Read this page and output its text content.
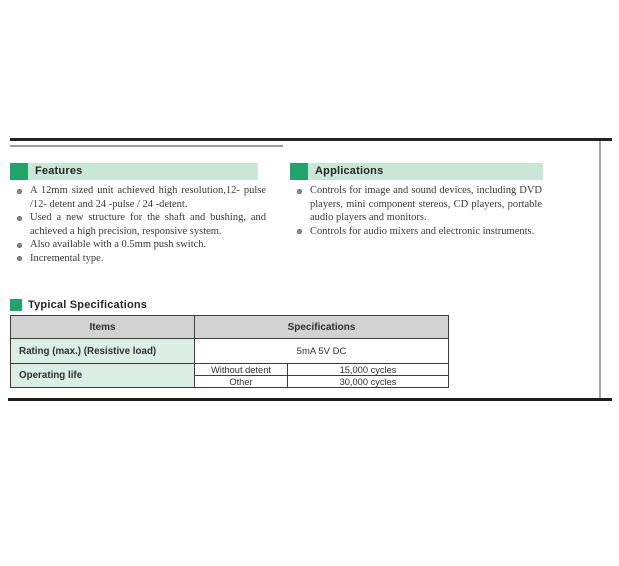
Features
A 12mm sized unit achieved high resolution,12- pulse /12- detent and 24 -pulse / 24 -detent.
Used a new structure for the shaft and bushing, and achieved a high precision, responsive system.
Also available with a 0.5mm push switch.
Incremental type.
Applications
Controls for image and sound devices, including DVD players, mini component stereos, CD players, portable audio players and monitors.
Controls for audio mixers and electronic instruments.
Typical Specifications
Items	Specifications	
Rating (max.) (Resistive load)	5mA 5V DC	
Operating life	Without detent	15,000 cycles
	Other	30,000 cycles
